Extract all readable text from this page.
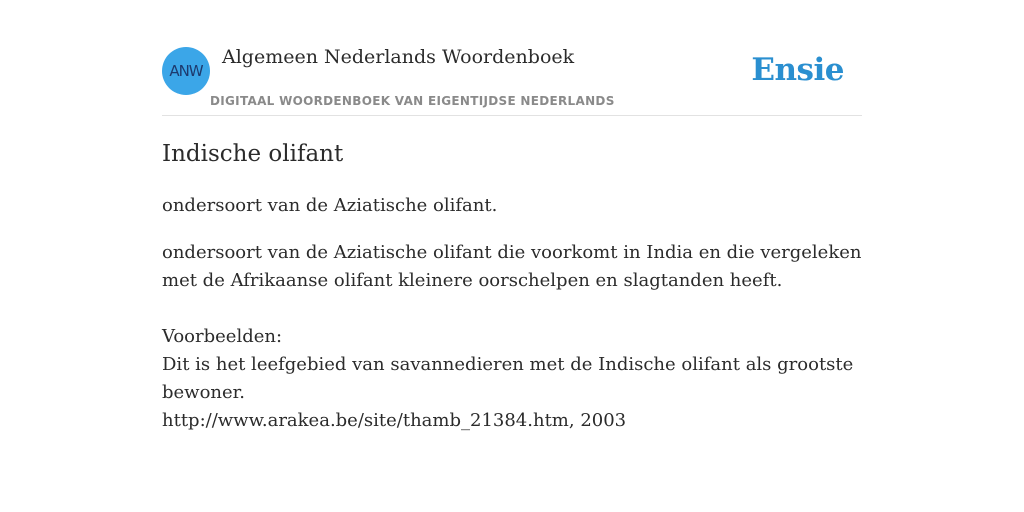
ANW
Algemeen Nederlands Woordenboek
DIGITAAL WOORDENBOEK VAN EIGENTIJDSE NEDERLANDS
Ensie
Indische olifant
ondersoort van de Aziatische olifant.
ondersoort van de Aziatische olifant die voorkomt in India en die vergeleken met de Afrikaanse olifant kleinere oorschelpen en slagtanden heeft.
Voorbeelden:
Dit is het leefgebied van savannedieren met de Indische olifant als grootste bewoner.
http://www.arakea.be/site/thamb_21384.htm, 2003
